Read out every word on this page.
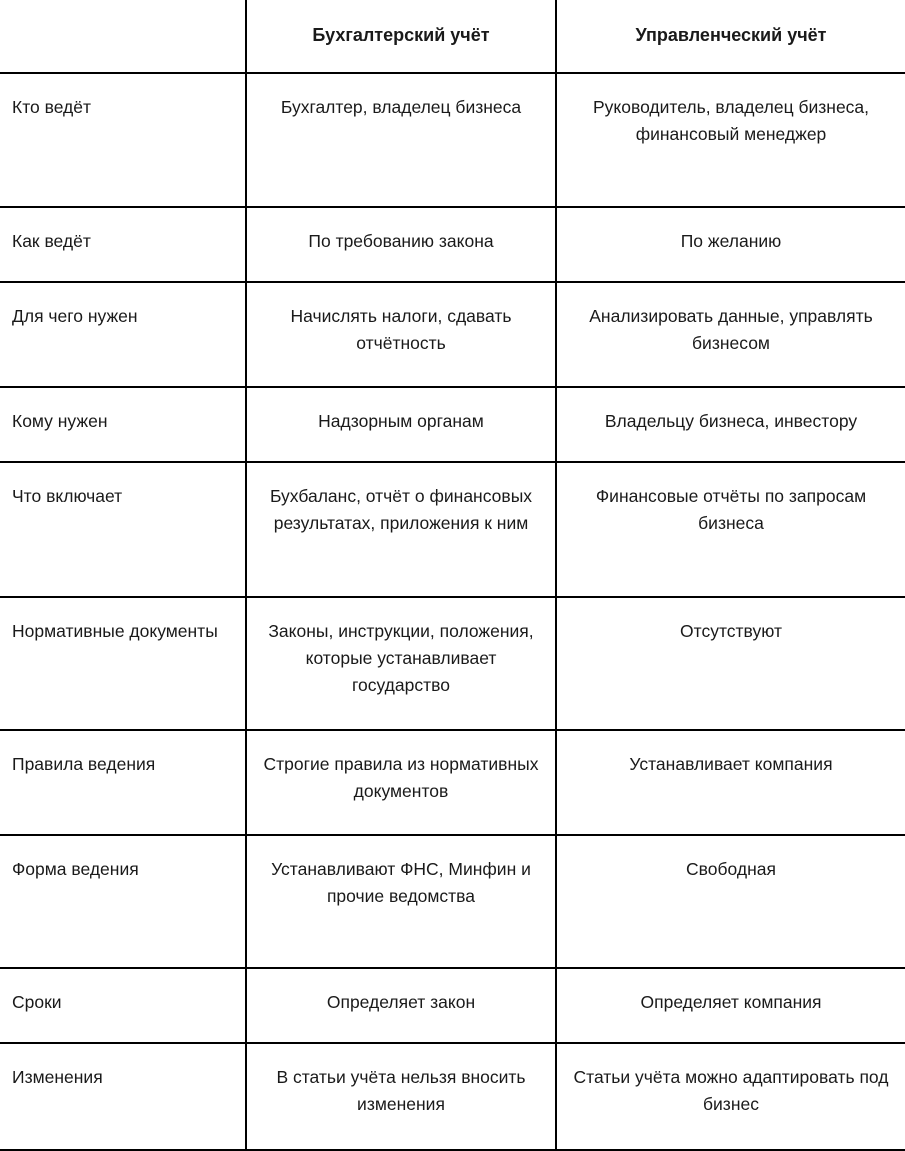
	Бухгалтерский учёт	Управленческий учёт

Кто ведёт	Бухгалтер, владелец бизнеса	Руководитель, владелец бизнеса, финансовый менеджер

Как ведёт	По требованию закона	По желанию

Для чего нужен	Начислять налоги, сдавать отчётность	Анализировать данные, управлять бизнесом

Кому нужен	Надзорным органам	Владельцу бизнеса, инвестору

Что включает	Бухбаланс, отчёт о финансовых результатах, приложения к ним	Финансовые отчёты по запросам бизнеса

Нормативные документы	Законы, инструкции, положения, которые устанавливает государство	Отсутствуют

Правила ведения	Строгие правила из нормативных документов	Устанавливает компания

Форма ведения	Устанавливают ФНС, Минфин и прочие ведомства	Свободная

Сроки	Определяет закон	Определяет компания

Изменения	В статьи учёта нельзя вносить изменения	Статьи учёта можно адаптировать под бизнес
